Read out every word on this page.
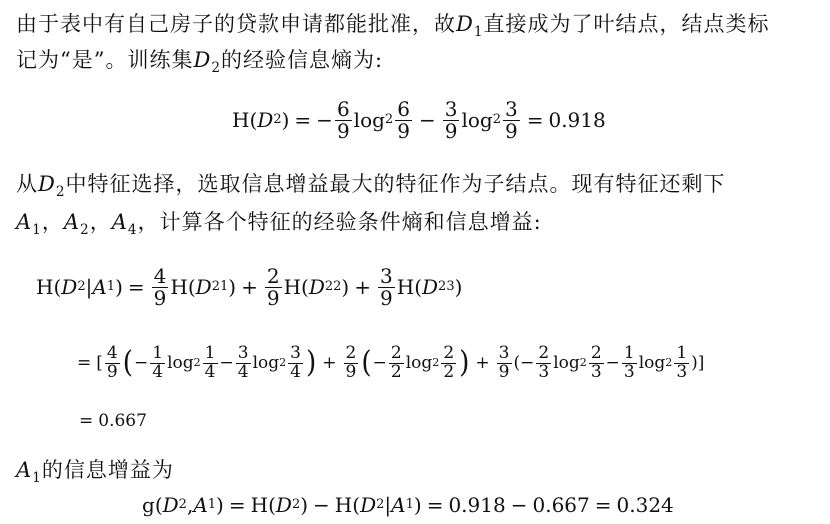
由于表中有自己房子的贷款申请都能批准，故$D_1$直接成为了叶结点，结点类标
记为“是”。训练集$D_2$的经验信息熵为:
H ( D 2 ) = − $\frac{6}{9}$ $\log 2 \frac{6}{9} - \frac{3}{9}$ $\log 2 \frac{3}{9} = 0.918$
从$D_2$中特征选择，选取信息增益最大的特征作为子结点。现有特征还剩下
$A_1$，$A_2$，$A_4$，计算各个特征的经验条件熵和信息增益:
H ( D 2 | A 1 ) = $\frac{4}{9}$ H ( D 21 ) + $\frac{2}{9}$ H ( D 22 ) + $\frac{3}{9}$ H ( D 23 )
= [ $\frac{4}{9}$ ( − $\frac{1}{4}$ $\log 2 \frac{1}{4} - \frac{3}{4}$ $\log 2 \frac{3}{4}$ ) + $\frac{2}{9}$ ( − $\frac{2}{2}$ $\log 2 \frac{2}{2}$ ) + $\frac{3}{9}$ ( − $\frac{2}{3}$ $\log 2 \frac{2}{3} - \frac{1}{3}$ $\log 2 \frac{1}{3}$ )]
= 0.667
$A_1$的信息增益为
g ( D 2 , A 1 ) = H ( D 2 ) − H ( D 2 | A 1 ) = 0.918 − 0.667 = 0.324
